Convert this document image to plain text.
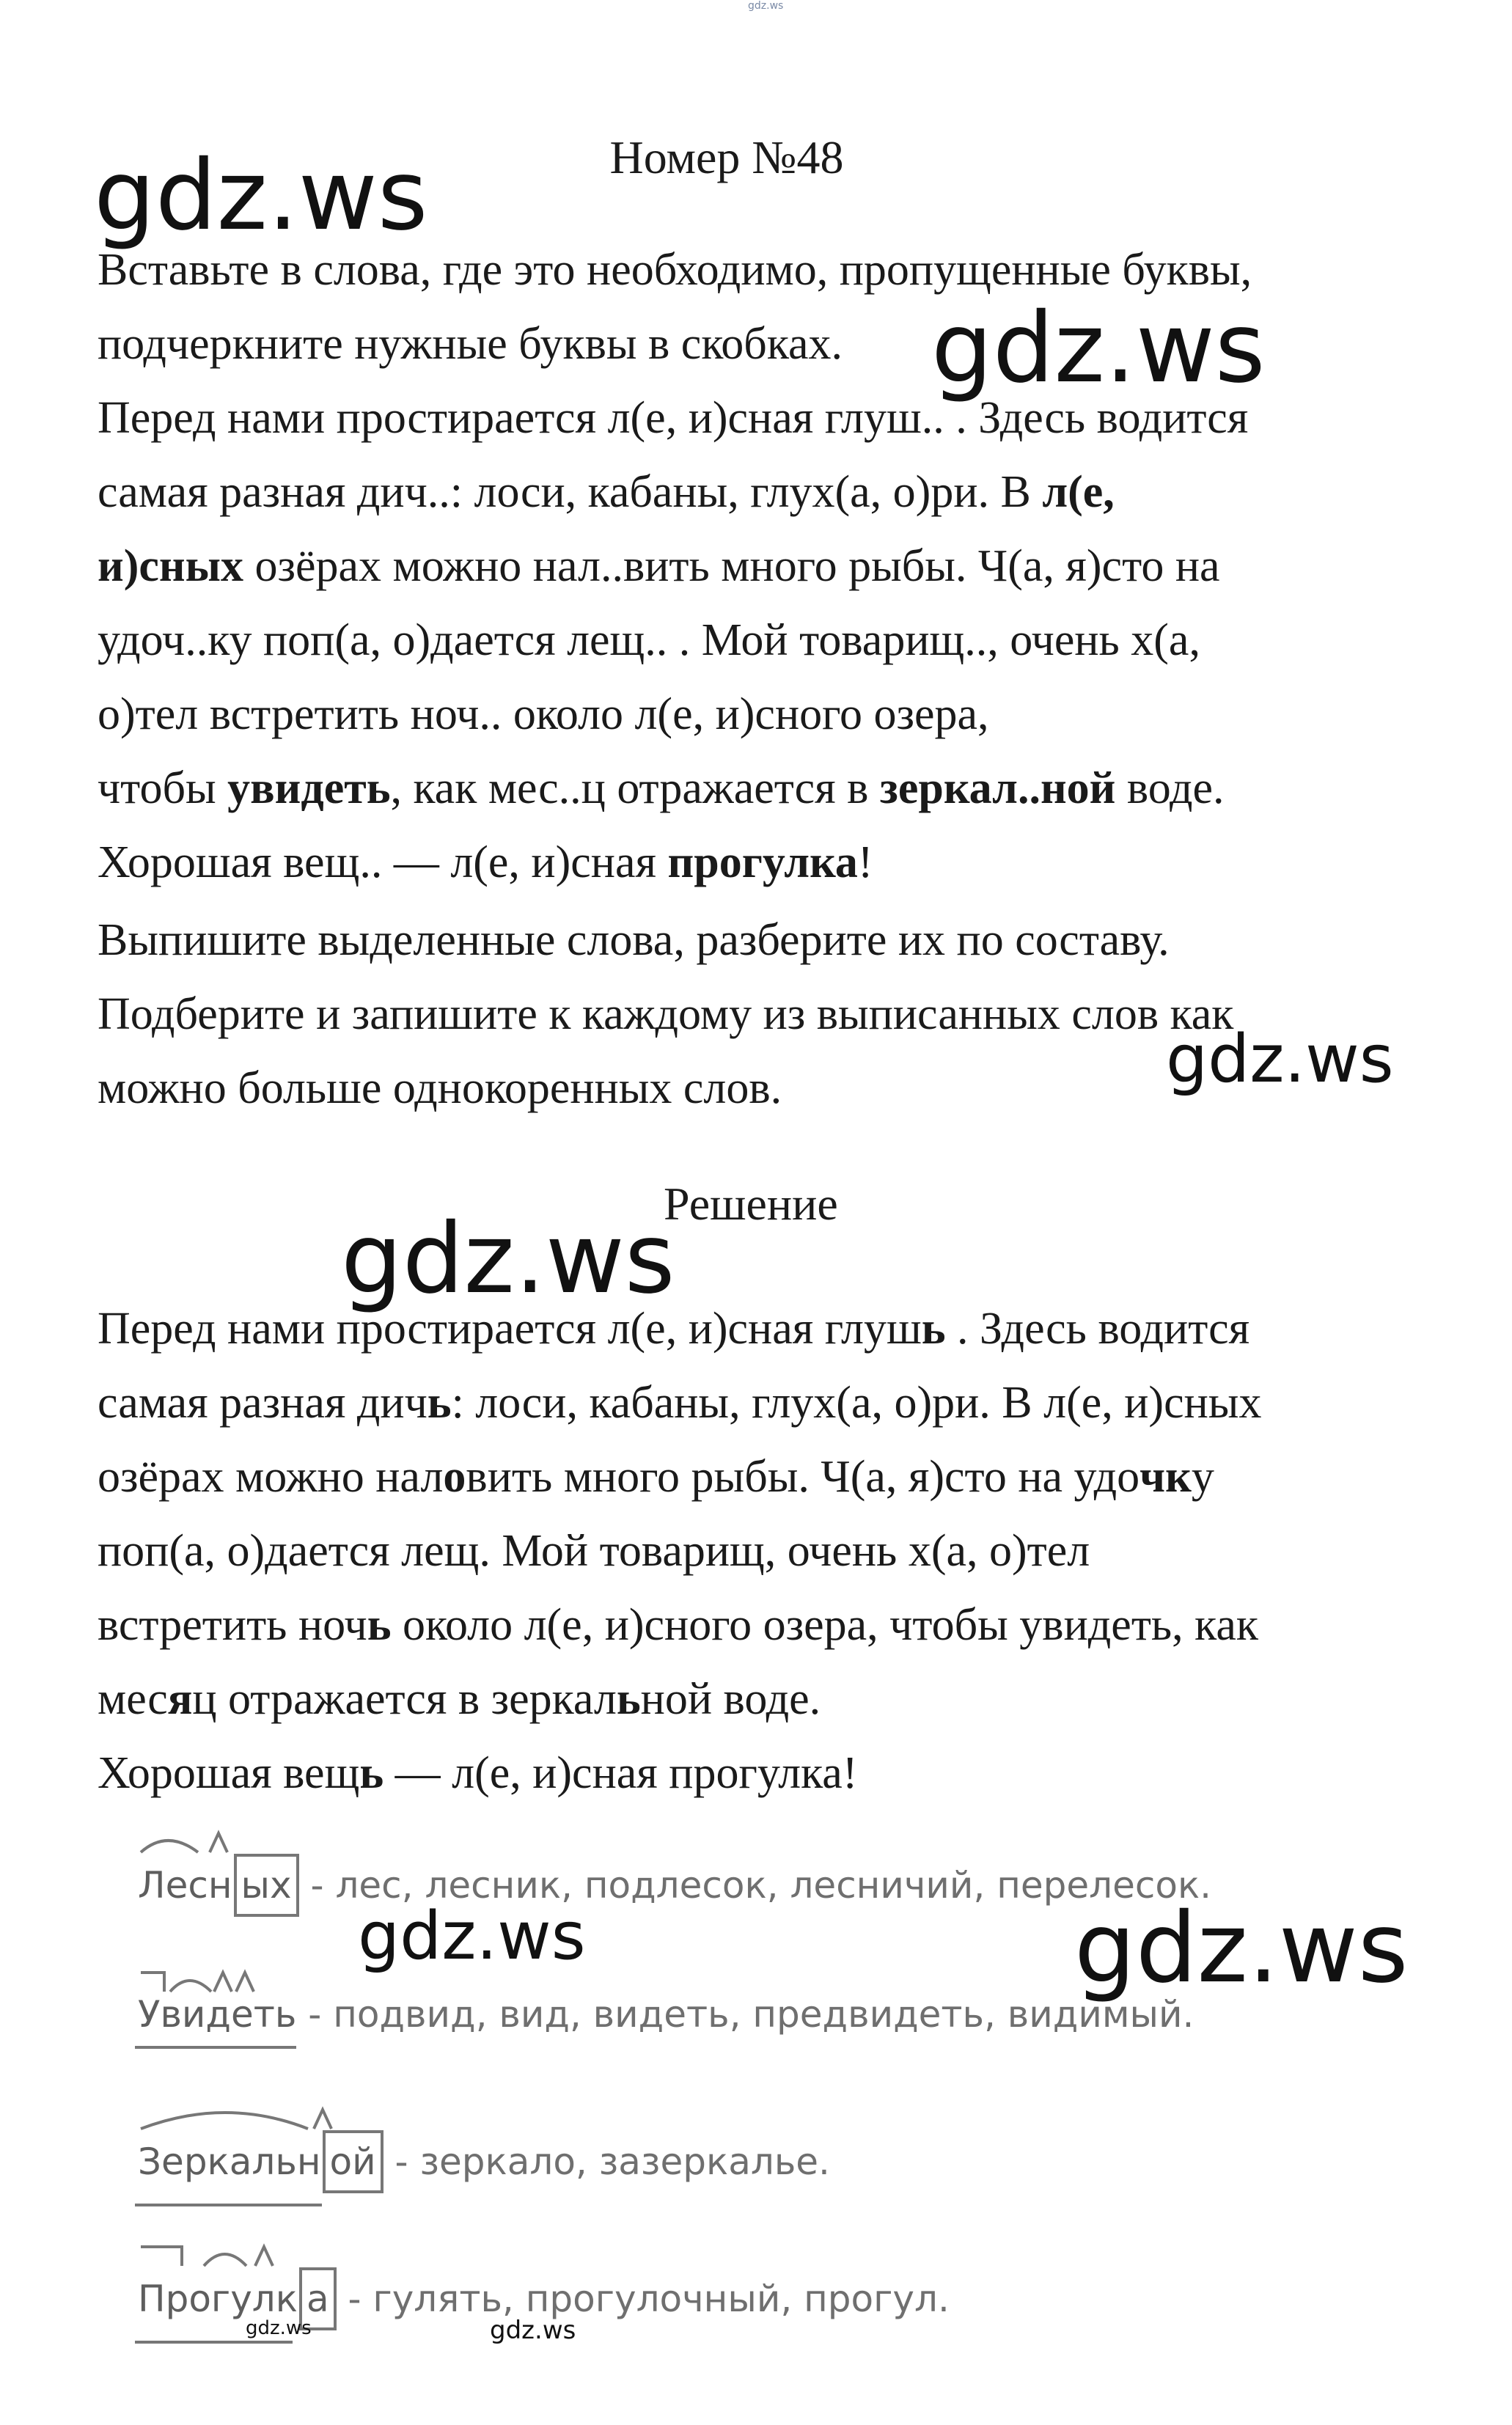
gdz.ws
gdz.ws	Номер №48

Вставьте в слова, где это необходимо, пропущенные буквы,

подчеркните нужные буквы в скобках. gdz.ws

Перед нами простирается л(е, и)сная глуш.. . Здесь водится

самая разная дич..: лоси, кабаны, глух(а, о)ри. В л(е,

и)сных озёрах можно нал..вить много рыбы. Ч(а, я)сто на

удоч..ку поп(а, о)дается лещ.. . Мой товарищ.., очень х(а,

о)тел встретить ноч.. около л(е, и)сного озера,

чтобы увидеть, как мес..ц отражается в зеркал..ной воде.

Хорошая вещ.. — л(е, и)сная прогулка!

Выпишите выделенные слова, разберите их по составу.

Подберите и запишите к каждому из выписанных слов как

можно больше однокоренных слов.	gdz.ws
Решение
gdz.ws

Перед нами простирается л(е, и)сная глушь . Здесь водится

самая разная дичь: лоси, кабаны, глух(а, о)ри. В л(е, и)сных

озёрах можно наловить много рыбы. Ч(а, я)сто на удочку

поп(а, о)дается лещ. Мой товарищ, очень х(а, о)тел

встретить ночь около л(е, и)сного озера, чтобы увидеть, как

месяц отражается в зеркальной воде.

Хорошая вещь — л(е, и)сная прогулка!

Лесн ых - лес, лесник, подлесок, лесничий, перелесок.
gdz.ws	gdz.ws
Увидеть
- подвид, вид, видеть, предвидеть, видимый.
Зеркальн ой
- зеркало, зазеркалье.
Прогулк а
- гулять, прогулочный, прогул.
gdz.ws	gdz.ws
